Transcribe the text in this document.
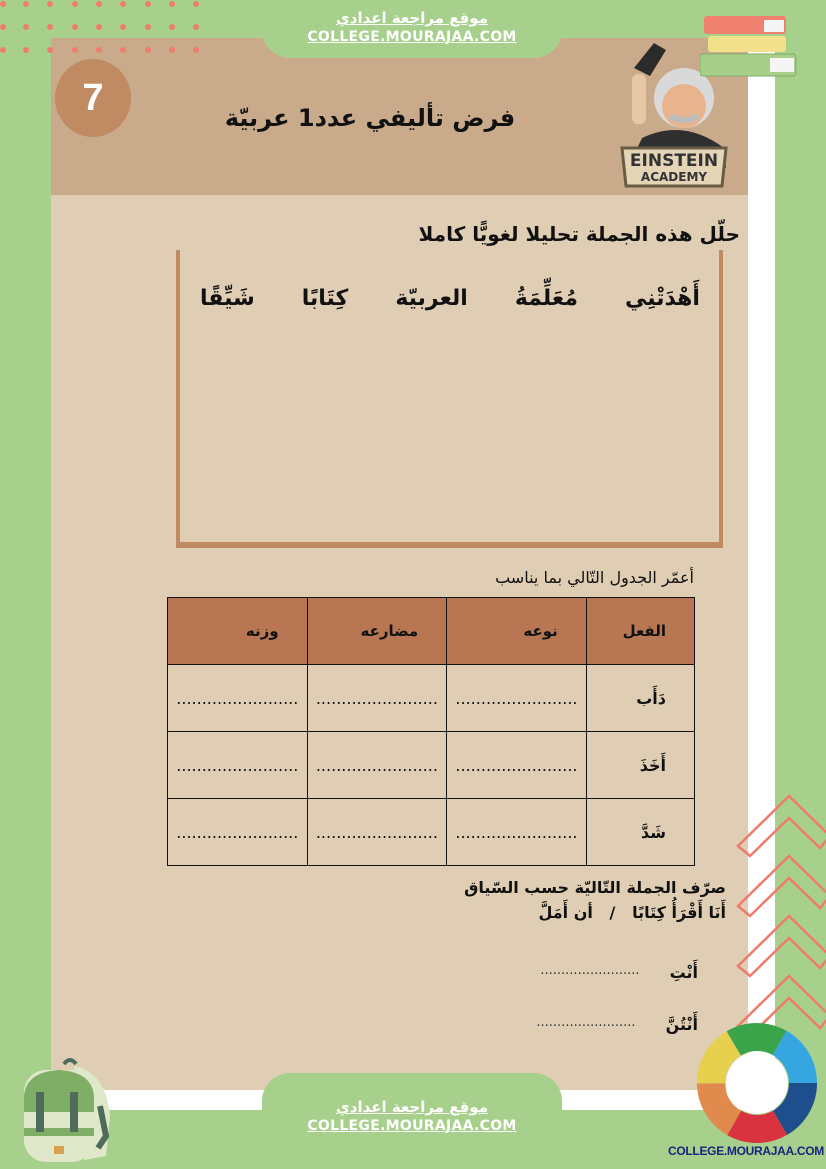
موقع مراجعة اعدادي
COLLEGE.MOURAJAA.COM
7	فرض تأليفي عدد1 عربيّة
EINSTEIN
ACADEMY
حلّل هذه الجملة تحليلا لغويًّا كاملا
أَهْدَتْنِي
مُعَلِّمَةُ
العربيّة
كِتَابًا
شَيِّقًا
أعمّر الجدول التّالي بما يناسب
الفعل	نوعه	مضارعه	وزنه
دَأَب	........................	........................	........................
أَخَذَ	........................	........................	........................
شَدَّ	........................	........................	........................
صرّف الجملة التّاليّة حسب السّياق
أَنَا أَقْرَأُ كِتَابًا   /   أن أَمَلَّ
أَنْتِ
........................
أَنْتُنَّ
........................
COLLEGE.MOURAJAA.COM
موقع مراجعة اعدادي
COLLEGE.MOURAJAA.COM
